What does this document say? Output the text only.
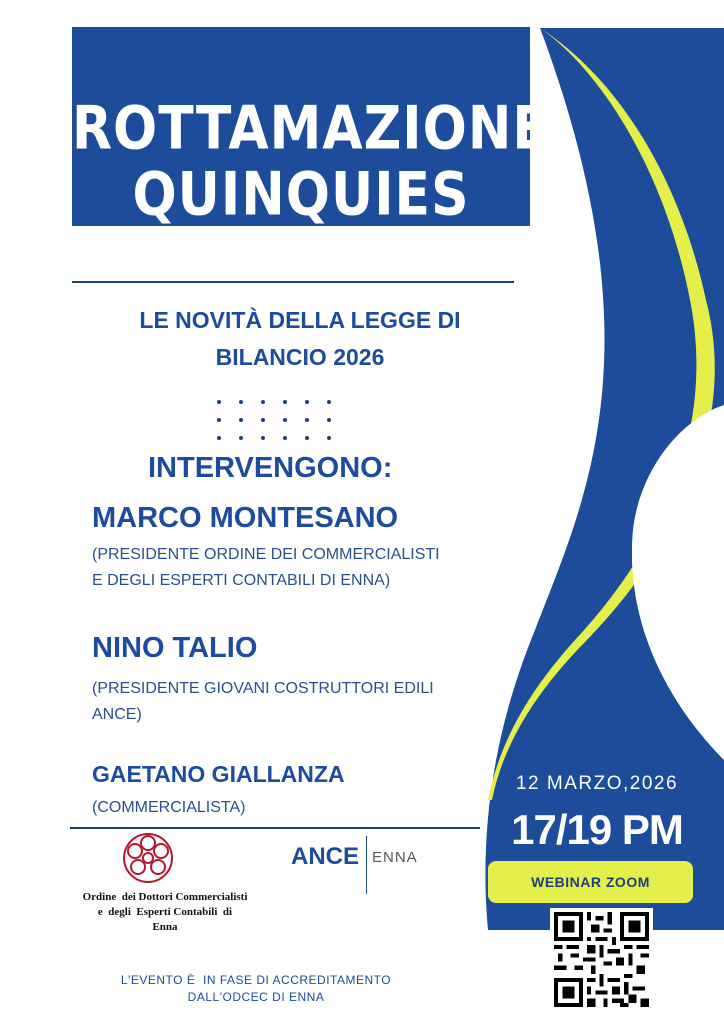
ROTTAMAZIONE
QUINQUIES
LE NOVITÀ DELLA LEGGE DI
BILANCIO 2026
INTERVENGONO:
MARCO MONTESANO
(PRESIDENTE ORDINE DEI COMMERCIALISTI
E DEGLI ESPERTI CONTABILI DI ENNA)
NINO TALIO
(PRESIDENTE GIOVANI COSTRUTTORI EDILI
ANCE)
GAETANO GIALLANZA
(COMMERCIALISTA)
Ordine  dei Dottori Commercialisti
e  degli  Esperti Contabili  di
Enna
ANCE ENNA
L'EVENTO È  IN FASE DI ACCREDITAMENTO
DALL'ODCEC DI ENNA
12 MARZO,2026
17/19 PM
WEBINAR ZOOM
